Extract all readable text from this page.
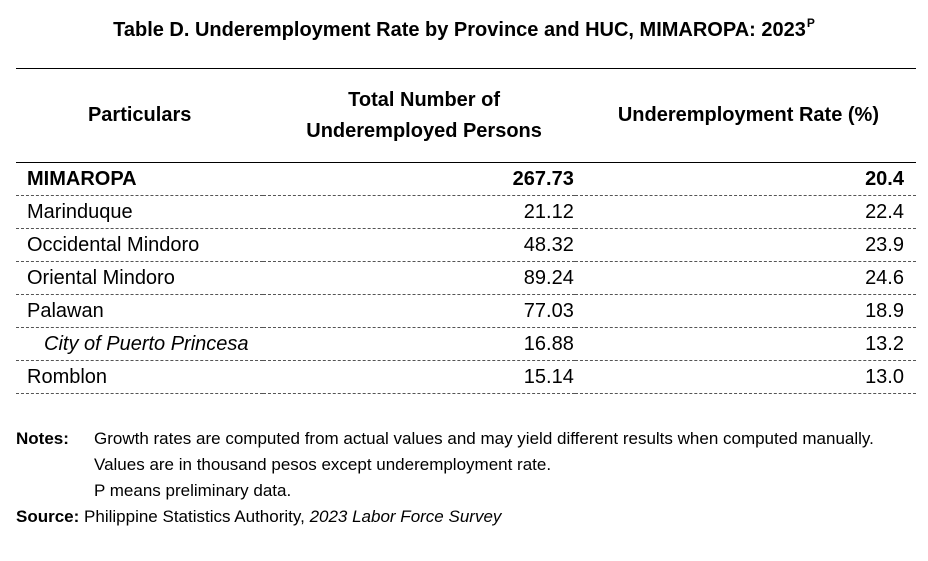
Table D. Underemployment Rate by Province and HUC, MIMAROPA: $2023^P$
Particulars	Total Number of Underemployed Persons	Underemployment Rate (%)
MIMAROPA	267.73	20.4
Marinduque	21.12	22.4
Occidental Mindoro	48.32	23.9
Oriental Mindoro	89.24	24.6
Palawan	77.03	18.9
City of Puerto Princesa	16.88	13.2
Romblon	15.14	13.0
Notes:	Growth rates are computed from actual values and may yield different results when computed manually.
Values are in thousand pesos except underemployment rate.
P means preliminary data.
Source: Philippine Statistics Authority, 2023 Labor Force Survey
